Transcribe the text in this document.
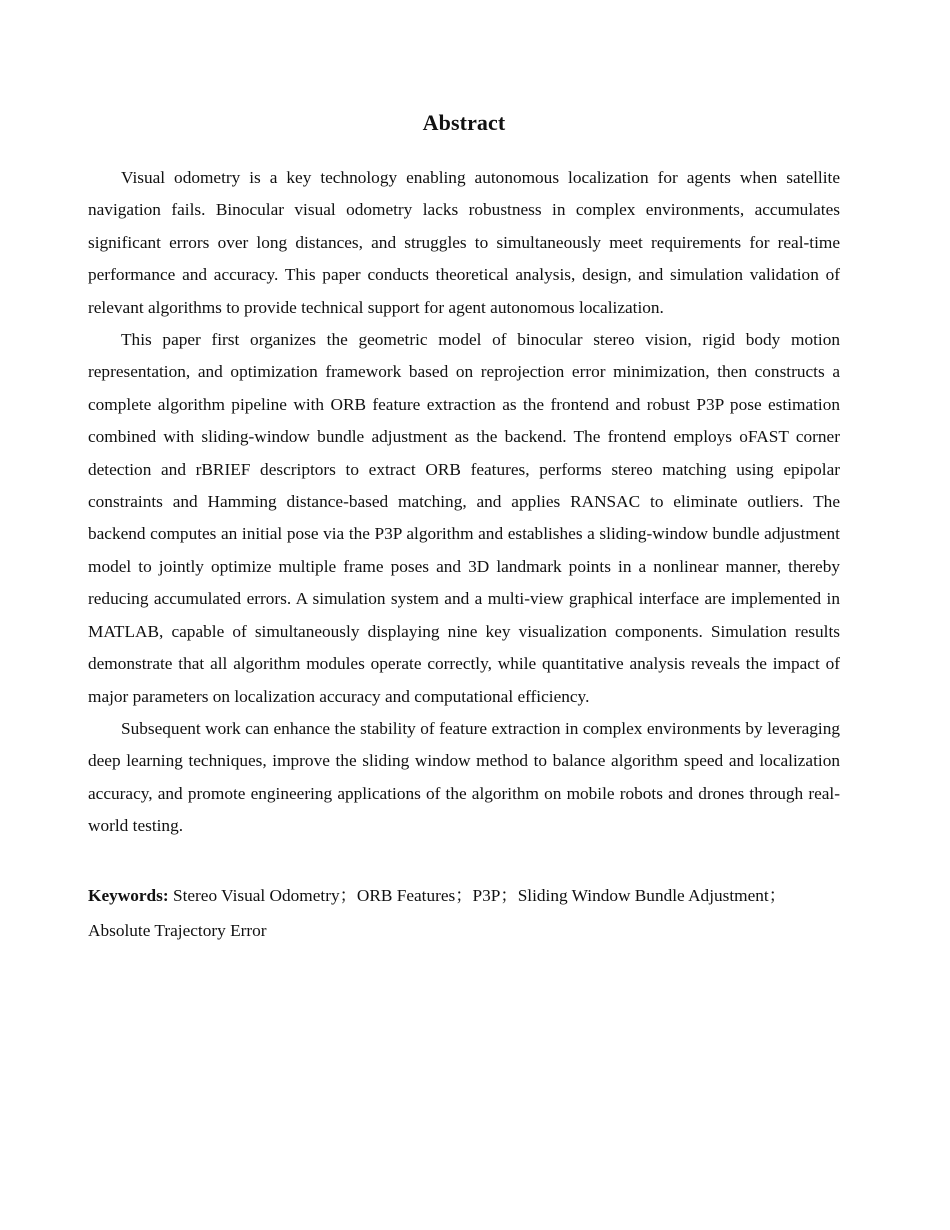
Abstract

Visual odometry is a key technology enabling autonomous localization for agents when satellite navigation fails. Binocular visual odometry lacks robustness in complex environments, accumulates significant errors over long distances, and struggles to simultaneously meet requirements for real-time performance and accuracy. This paper conducts theoretical analysis, design, and simulation validation of relevant algorithms to provide technical support for agent autonomous localization.

This paper first organizes the geometric model of binocular stereo vision, rigid body motion representation, and optimization framework based on reprojection error minimization, then constructs a complete algorithm pipeline with ORB feature extraction as the frontend and robust P3P pose estimation combined with sliding-window bundle adjustment as the backend. The frontend employs oFAST corner detection and rBRIEF descriptors to extract ORB features, performs stereo matching using epipolar constraints and Hamming distance-based matching, and applies RANSAC to eliminate outliers. The backend computes an initial pose via the P3P algorithm and establishes a sliding-window bundle adjustment model to jointly optimize multiple frame poses and 3D landmark points in a nonlinear manner, thereby reducing accumulated errors. A simulation system and a multi-view graphical interface are implemented in MATLAB, capable of simultaneously displaying nine key visualization components. Simulation results demonstrate that all algorithm modules operate correctly, while quantitative analysis reveals the impact of major parameters on localization accuracy and computational efficiency.

Subsequent work can enhance the stability of feature extraction in complex environments by leveraging deep learning techniques, improve the sliding window method to balance algorithm speed and localization accuracy, and promote engineering applications of the algorithm on mobile robots and drones through real-world testing.

Keywords: Stereo Visual Odometry；ORB Features；P3P；Sliding Window Bundle Adjustment；Absolute Trajectory Error
